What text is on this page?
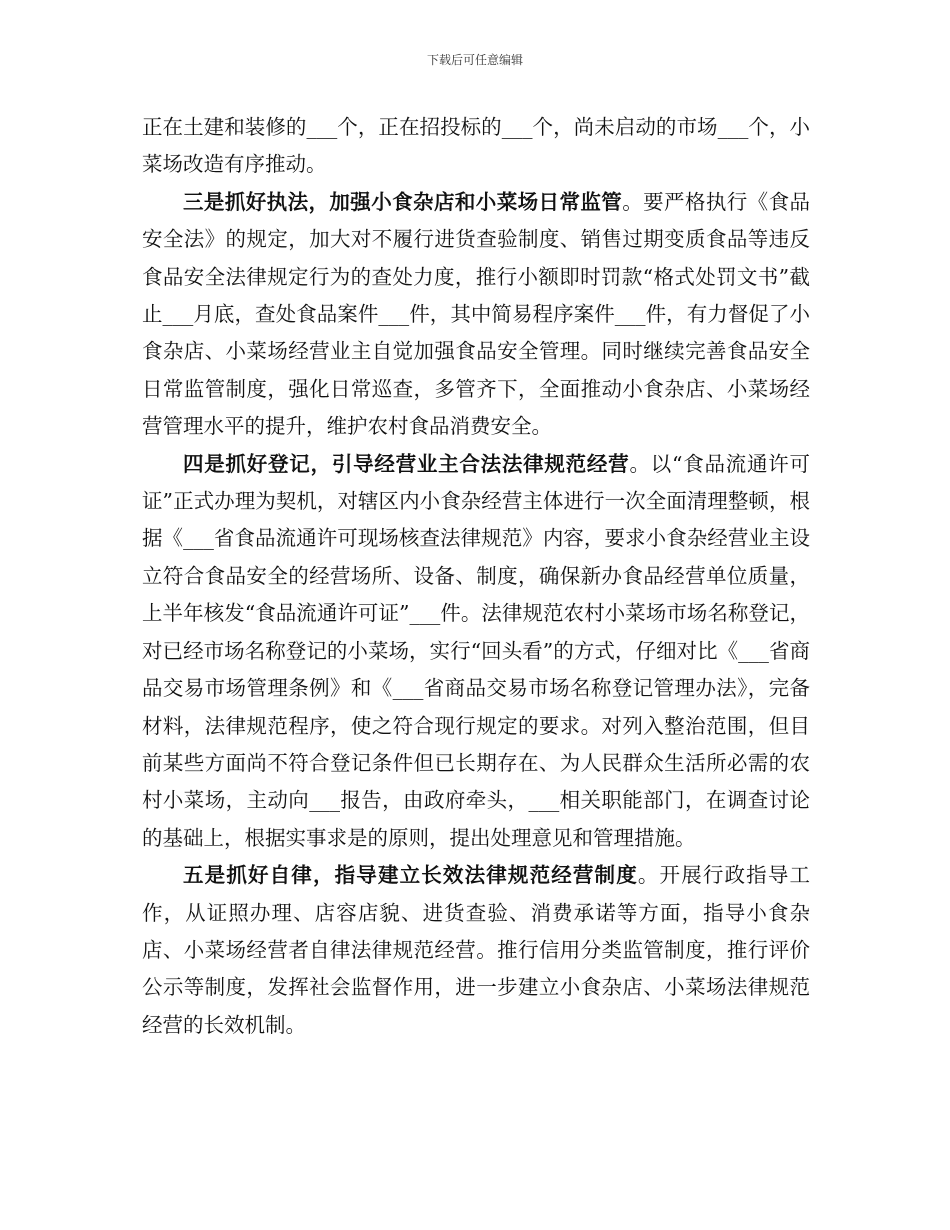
下载后可任意编辑

正在土建和装修的___个，正在招投标的___个，尚未启动的市场___个，小菜场改造有序推动。

三是抓好执法，加强小食杂店和小菜场日常监管。要严格执行《食品安全法》的规定，加大对不履行进货查验制度、销售过期变质食品等违反食品安全法律规定行为的查处力度，推行小额即时罚款“格式处罚文书”截止___月底，查处食品案件___件，其中简易程序案件___件，有力督促了小食杂店、小菜场经营业主自觉加强食品安全管理。同时继续完善食品安全日常监管制度，强化日常巡查，多管齐下，全面推动小食杂店、小菜场经营管理水平的提升，维护农村食品消费安全。

四是抓好登记，引导经营业主合法法律规范经营。以“食品流通许可证”正式办理为契机，对辖区内小食杂经营主体进行一次全面清理整顿，根据《___省食品流通许可现场核查法律规范》内容，要求小食杂经营业主设立符合食品安全的经营场所、设备、制度，确保新办食品经营单位质量，上半年核发“食品流通许可证”___件。法律规范农村小菜场市场名称登记，对已经市场名称登记的小菜场，实行“回头看”的方式，仔细对比《___省商品交易市场管理条例》和《___省商品交易市场名称登记管理办法》，完备材料，法律规范程序，使之符合现行规定的要求。对列入整治范围，但目前某些方面尚不符合登记条件但已长期存在、为人民群众生活所必需的农村小菜场，主动向___报告，由政府牵头，___相关职能部门，在调查讨论的基础上，根据实事求是的原则，提出处理意见和管理措施。

五是抓好自律，指导建立长效法律规范经营制度。开展行政指导工作，从证照办理、店容店貌、进货查验、消费承诺等方面，指导小食杂店、小菜场经营者自律法律规范经营。推行信用分类监管制度，推行评价公示等制度，发挥社会监督作用，进一步建立小食杂店、小菜场法律规范经营的长效机制。
